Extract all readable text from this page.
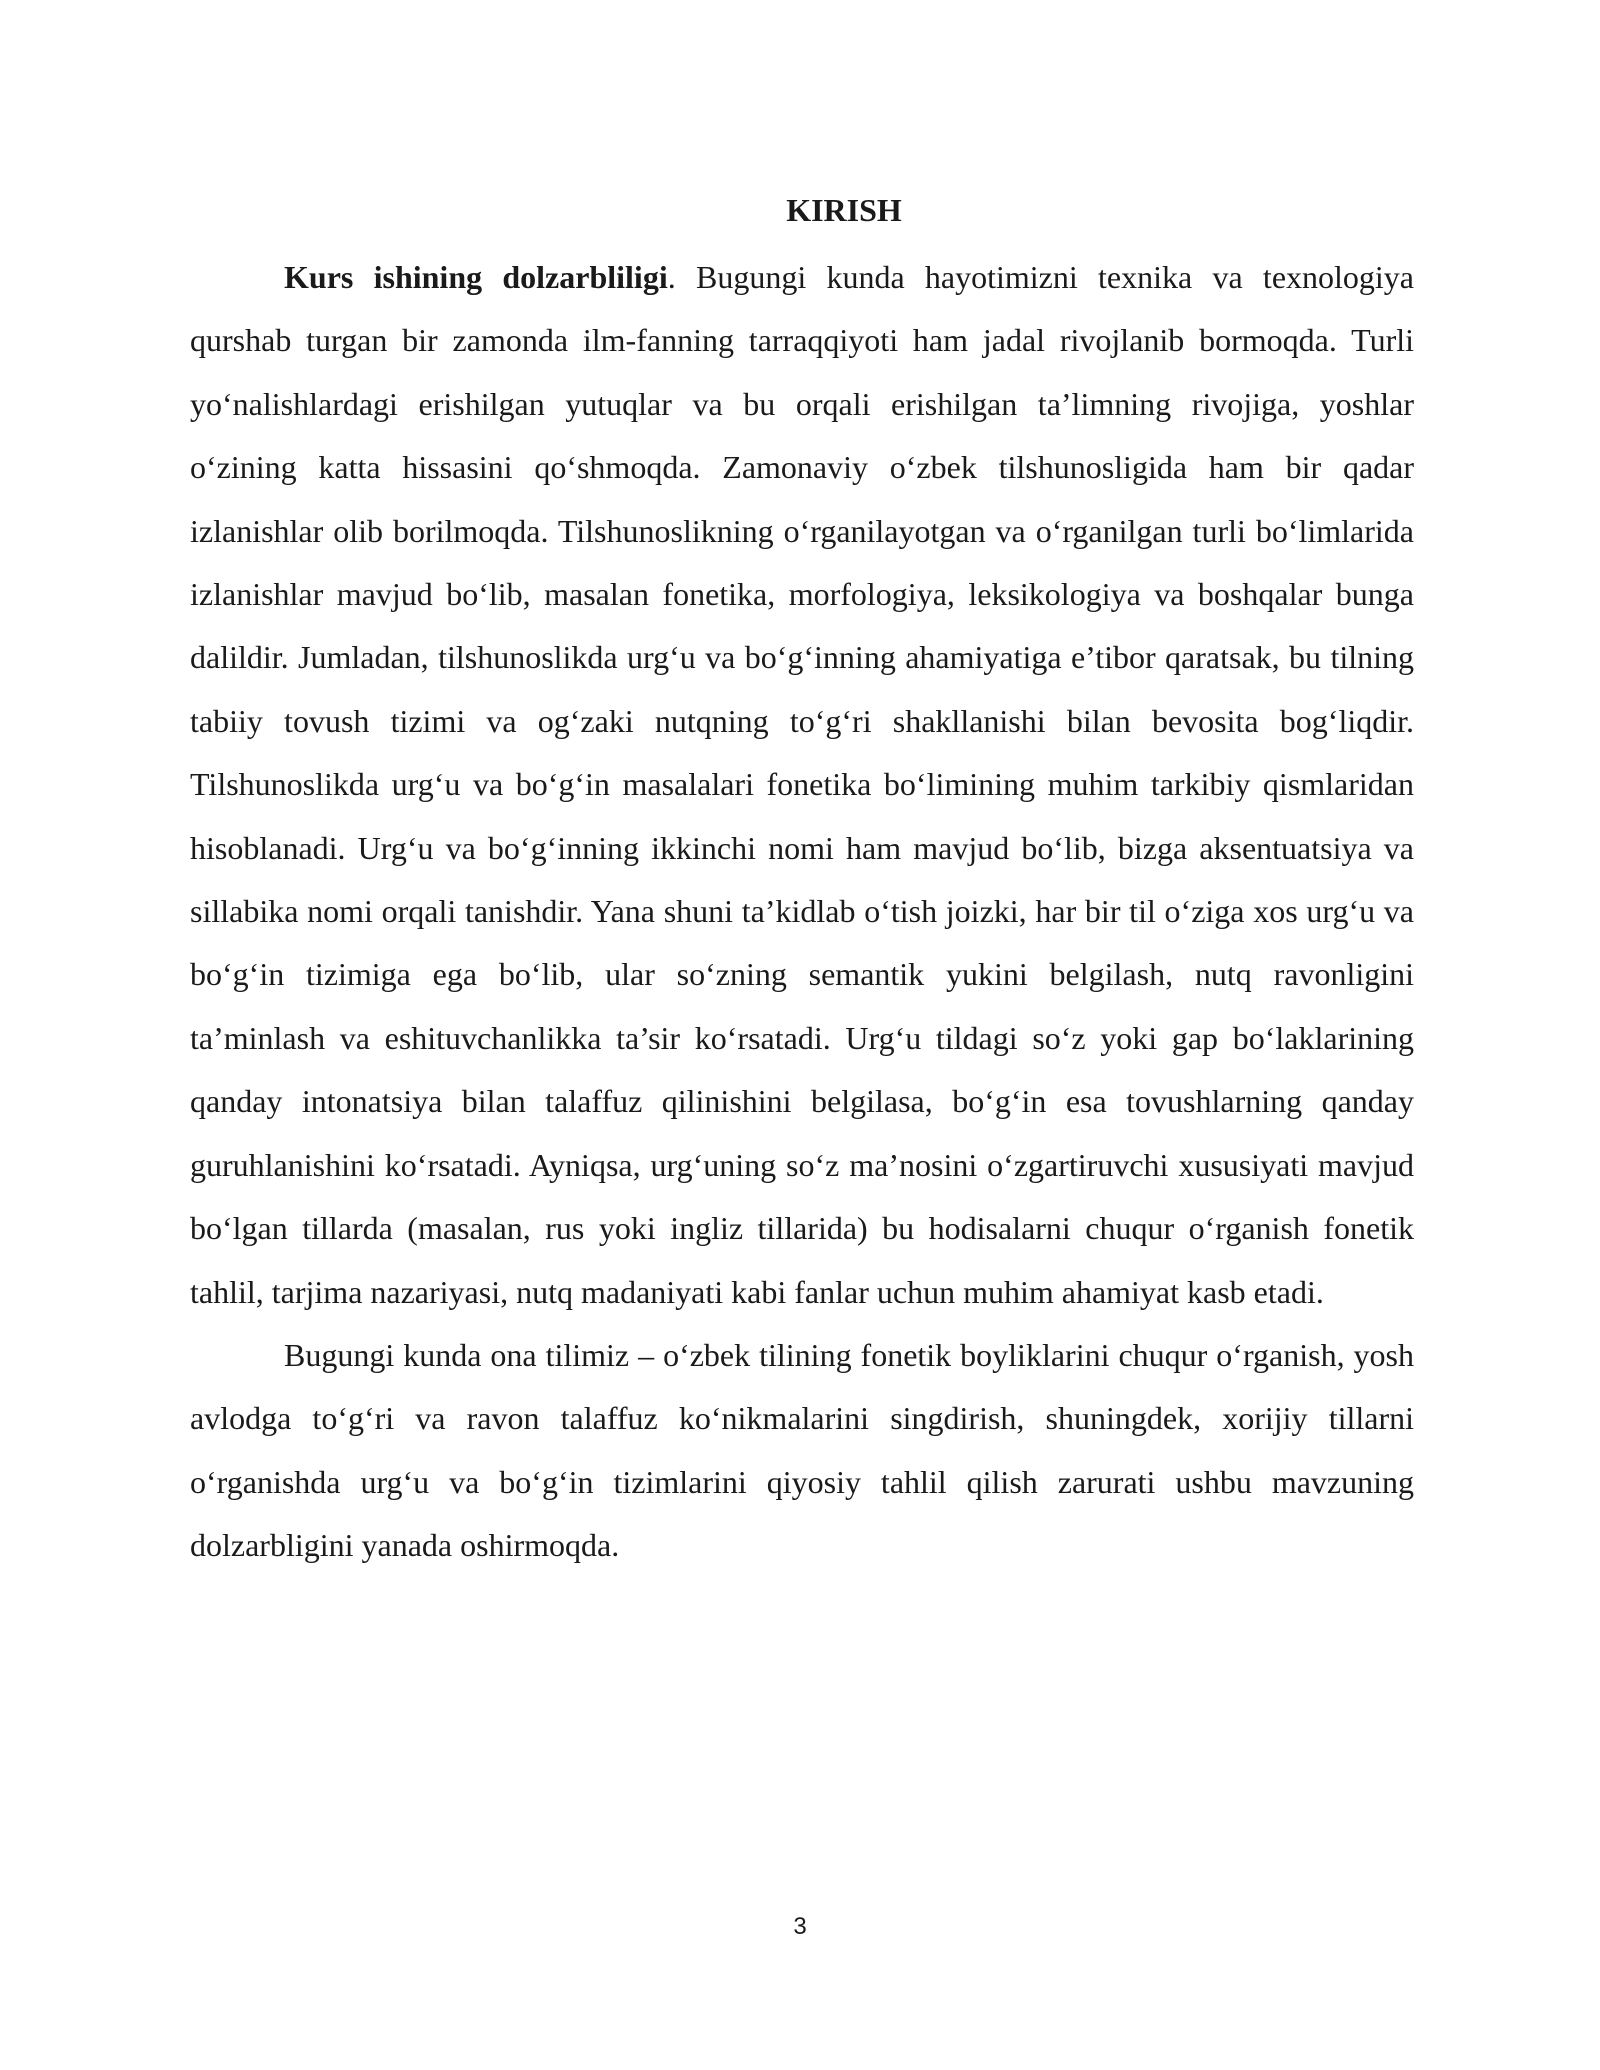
KIRISH

Kurs ishining dolzarbliligi. Bugungi kunda hayotimizni texnika va texnologiya qurshab turgan bir zamonda ilm-fanning tarraqqiyoti ham jadal rivojlanib bormoqda. Turli yo‘nalishlardagi erishilgan yutuqlar va bu orqali erishilgan ta’limning rivojiga, yoshlar o‘zining katta hissasini qo‘shmoqda. Zamonaviy o‘zbek tilshunosligida ham bir qadar izlanishlar olib borilmoqda. Tilshunoslikning o‘rganilayotgan va o‘rganilgan turli bo‘limlarida izlanishlar mavjud bo‘lib, masalan fonetika, morfologiya, leksikologiya va boshqalar bunga dalildir. Jumladan, tilshunoslikda urg‘u va bo‘g‘inning ahamiyatiga e’tibor qaratsak, bu tilning tabiiy tovush tizimi va og‘zaki nutqning to‘g‘ri shakllanishi bilan bevosita bog‘liqdir. Tilshunoslikda urg‘u va bo‘g‘in masalalari fonetika bo‘limining muhim tarkibiy qismlaridan hisoblanadi. Urg‘u va bo‘g‘inning ikkinchi nomi ham mavjud bo‘lib, bizga aksentuatsiya va sillabika nomi orqali tanishdir. Yana shuni ta’kidlab o‘tish joizki, har bir til o‘ziga xos urg‘u va bo‘g‘in tizimiga ega bo‘lib, ular so‘zning semantik yukini belgilash, nutq ravonligini ta’minlash va eshituvchanlikka ta’sir ko‘rsatadi. Urg‘u tildagi so‘z yoki gap bo‘laklarining qanday intonatsiya bilan talaffuz qilinishini belgilasa, bo‘g‘in esa tovushlarning qanday guruhlanishini ko‘rsatadi. Ayniqsa, urg‘uning so‘z ma’nosini o‘zgartiruvchi xususiyati mavjud bo‘lgan tillarda (masalan, rus yoki ingliz tillarida) bu hodisalarni chuqur o‘rganish fonetik tahlil, tarjima nazariyasi, nutq madaniyati kabi fanlar uchun muhim ahamiyat kasb etadi.

Bugungi kunda ona tilimiz – o‘zbek tilining fonetik boyliklarini chuqur o‘rganish, yosh avlodga to‘g‘ri va ravon talaffuz ko‘nikmalarini singdirish, shuningdek, xorijiy tillarni o‘rganishda urg‘u va bo‘g‘in tizimlarini qiyosiy tahlil qilish zarurati ushbu mavzuning dolzarbligini yanada oshirmoqda.

3
